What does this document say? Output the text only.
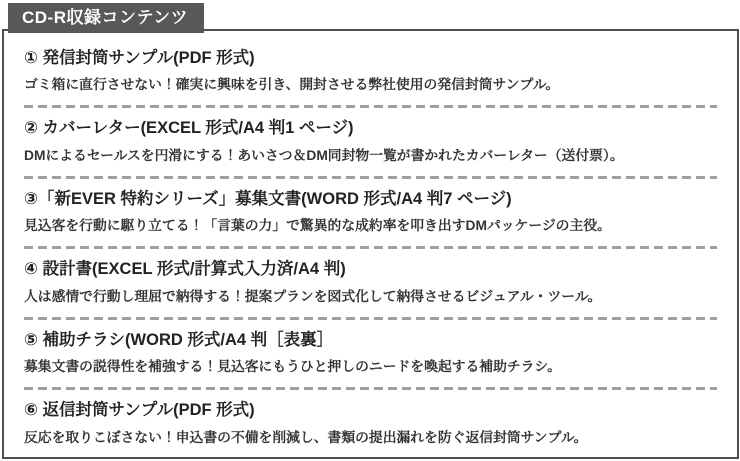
CD-R収録コンテンツ

① 発信封筒サンプル(PDF 形式)

ゴミ箱に直行させない！確実に興味を引き、開封させる弊社使用の発信封筒サンプル。

② カバーレター(EXCEL 形式/A4 判1 ページ)

DMによるセールスを円滑にする！あいさつ＆DM同封物一覧が書かれたカバーレター（送付票）。

③「新EVER 特約シリーズ」募集文書(WORD 形式/A4 判7 ページ)

見込客を行動に駆り立てる！「言葉の力」で驚異的な成約率を叩き出すDMパッケージの主役。

④ 設計書(EXCEL 形式/計算式入力済/A4 判)

人は感情で行動し理屈で納得する！提案プランを図式化して納得させるビジュアル・ツール。

⑤ 補助チラシ(WORD 形式/A4 判［表裏］

募集文書の説得性を補強する！見込客にもうひと押しのニードを喚起する補助チラシ。

⑥ 返信封筒サンプル(PDF 形式)

反応を取りこぼさない！申込書の不備を削減し、書類の提出漏れを防ぐ返信封筒サンプル。
